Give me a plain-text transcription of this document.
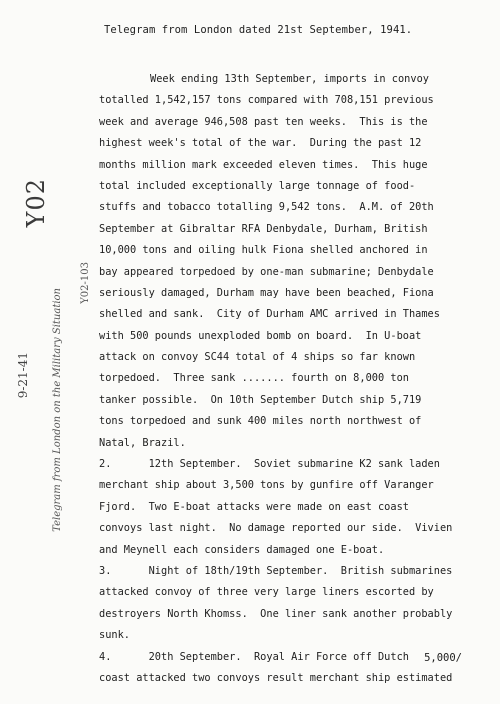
Telegram from London dated 21st September, 1941.
Week ending 13th September, imports in convoy
totalled 1,542,157 tons compared with 708,151 previous
week and average 946,508 past ten weeks.  This is the
highest week's total of the war.  During the past 12
months million mark exceeded eleven times.  This huge
total included exceptionally large tonnage of food-
stuffs and tobacco totalling 9,542 tons.  A.M. of 20th
September at Gibraltar RFA Denbydale, Durham, British
10,000 tons and oiling hulk Fiona shelled anchored in
bay appeared torpedoed by one-man submarine; Denbydale
seriously damaged, Durham may have been beached, Fiona
shelled and sank.  City of Durham AMC arrived in Thames
with 500 pounds unexploded bomb on board.  In U-boat
attack on convoy SC44 total of 4 ships so far known
torpedoed.  Three sank ....... fourth on 8,000 ton
tanker possible.  On 10th September Dutch ship 5,719
tons torpedoed and sunk 400 miles north northwest of
Natal, Brazil.
2.      12th September.  Soviet submarine K2 sank laden
merchant ship about 3,500 tons by gunfire off Varanger
Fjord.  Two E-boat attacks were made on east coast
convoys last night.  No damage reported our side.  Vivien
and Meynell each considers damaged one E-boat.
3.      Night of 18th/19th September.  British submarines
attacked convoy of three very large liners escorted by
destroyers North Khomss.  One liner sank another probably
sunk.
4.      20th September.  Royal Air Force off Dutch
coast attacked two convoys result merchant ship estimated
5,000/
Y02
9-21-41 Telegram from London on the Military Situation
Y02-103
